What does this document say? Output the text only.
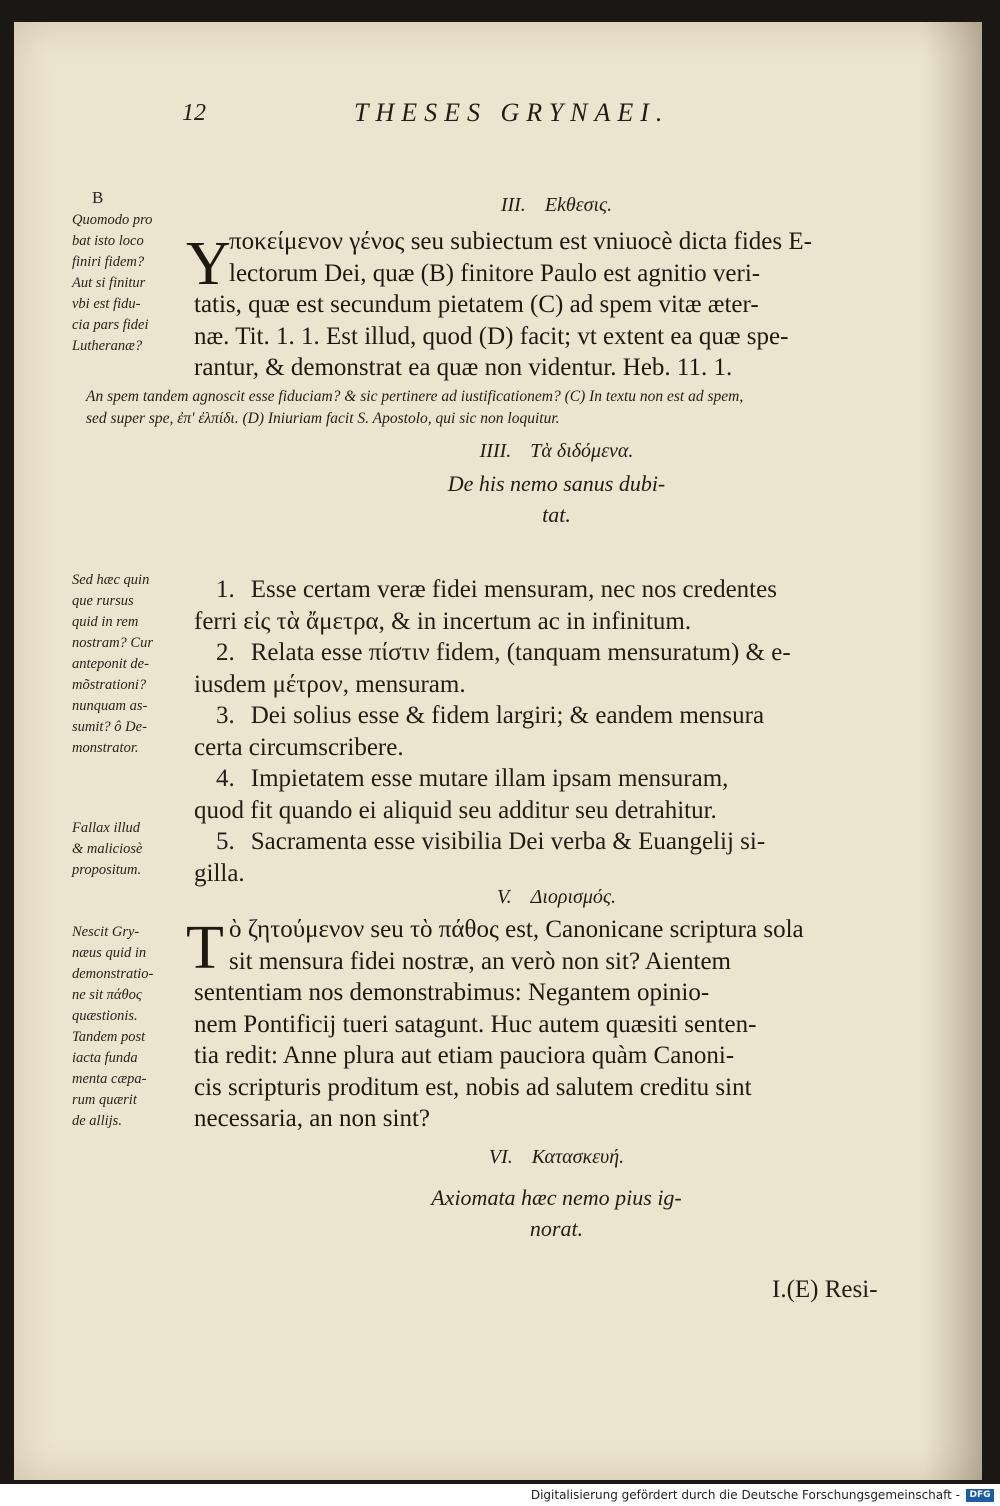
12	THESES GRYNAEI.
B	III. Ekθεσις.
Quomodo pro
bat isto loco
finiri fidem?
Aut si finitur
vbi est fidu-
cia pars fidei
Lutheranæ?
Y
ποκείμενον γένος seu subiectum est vniuocè dicta fides E-
lectorum Dei, quæ (B) finitore Paulo est agnitio veri-
tatis, quæ est secundum pietatem (C) ad spem vitæ æter-
næ. Tit. 1. 1. Est illud, quod (D) facit; vt extent ea quæ spe-
rantur, & demonstrat ea quæ non videntur. Heb. 11. 1.
An spem tandem agnoscit esse fiduciam? & sic pertinere ad iustificationem? (C) In textu non est ad spem,
sed super spe, ἐπ' ἐλπίδι. (D) Iniuriam facit S. Apostolo, qui sic non loquitur.
IIII. Τὰ διδόμενα.
De his nemo sanus dubi-
tat.
Sed hæc quin
que rursus
quid in rem
nostram? Cur
anteponit de-
mõstrationi?
nunquam as-
sumit? ô De-
monstrator.
1. Esse certam veræ fidei mensuram, nec nos credentes
ferri εἰς τὰ ἄμετρα, & in incertum ac in infinitum.
2. Relata esse πίστιν fidem, (tanquam mensuratum) & e-
iusdem μέτρον, mensuram.
3. Dei solius esse & fidem largiri; & eandem mensura
certa circumscribere.
4. Impietatem esse mutare illam ipsam mensuram,
quod fit quando ei aliquid seu additur seu detrahitur.
Fallax illud
& maliciosè
propositum.
5. Sacramenta esse visibilia Dei verba & Euangelij si-
gilla.
V. Διορισμός.
Nescit Gry-
næus quid in
demonstratio-
ne sit πάθος
quæstionis.
Tandem post
iacta funda
menta cæpa-
rum quærit
de allijs.
T ὸ ζητούμενον seu τὸ πάθος est, Canonicane scriptura sola
sit mensura fidei nostræ, an verò non sit? Aientem
sententiam nos demonstrabimus: Negantem opinio-
nem Pontificij tueri satagunt. Huc autem quæsiti senten-
tia redit: Anne plura aut etiam pauciora quàm Canoni-
cis scripturis proditum est, nobis ad salutem creditu sint
necessaria, an non sint?
VI. Κατασκευή.
Axiomata hæc nemo pius ig-
norat.
I.(E) Resi-
Digitalisierung gefördert durch die Deutsche Forschungsgemeinschaft -	DFG
